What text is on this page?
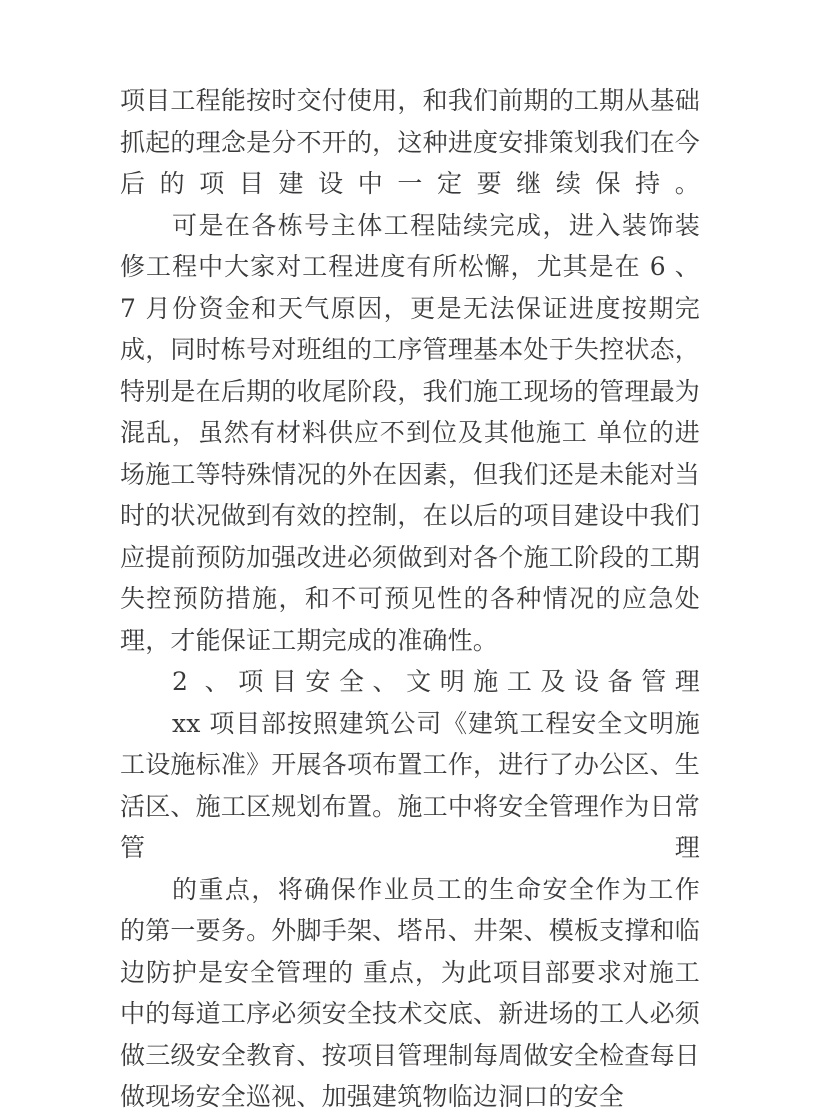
项目工程能按时交付使用，和我们前期的工期从基础抓起的理念是分不开的，这种进度安排策划我们在今后的项目建设中一定要继续保持。

可是在各栋号主体工程陆续完成，进入装饰装修工程中大家对工程进度有所松懈，尤其是在 6 、 7 月份资金和天气原因，更是无法保证进度按期完成，同时栋号对班组的工序管理基本处于失控状态，特别是在后期的收尾阶段，我们施工现场的管理最为混乱，虽然有材料供应不到位及其他施工 单位的进场施工等特殊情况的外在因素，但我们还是未能对当时的状况做到有效的控制，在以后的项目建设中我们应提前预防加强改进必须做到对各个施工阶段的工期失控预防措施，和不可预见性的各种情况的应急处理，才能保证工期完成的准确性。

2 、项目安全、文明施工及设备管理

xx 项目部按照建筑公司《建筑工程安全文明施工设施标准》开展各项布置工作，进行了办公区、生活区、施工区规划布置。施工中将安全管理作为日常管理

的重点，将确保作业员工的生命安全作为工作的第一要务。外脚手架、塔吊、井架、模板支撑和临边防护是安全管理的 重点，为此项目部要求对施工中的每道工序必须安全技术交底、新进场的工人必须做三级安全教育、按项目管理制每周做安全检查每日做现场安全巡视、加强建筑物临边洞口的安全
